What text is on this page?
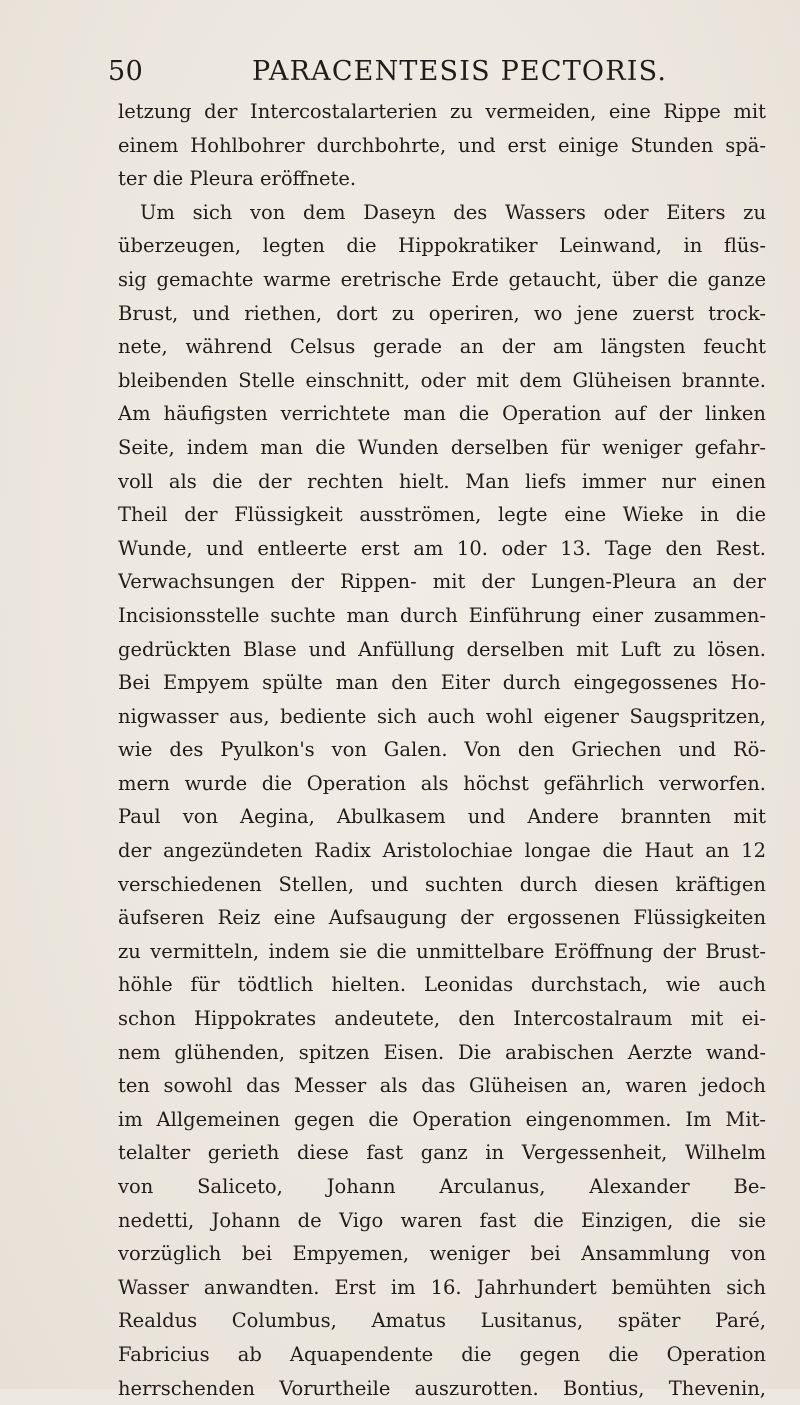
50	PARACENTESIS PECTORIS.
letzung der Intercostalarterien zu vermeiden, eine Rippe mit
einem Hohlbohrer durchbohrte, und erst einige Stunden spä-
ter die Pleura eröffnete.
Um sich von dem Daseyn des Wassers oder Eiters zu
überzeugen, legten die Hippokratiker Leinwand, in flüs-
sig gemachte warme eretrische Erde getaucht, über die ganze
Brust, und riethen, dort zu operiren, wo jene zuerst trock-
nete, während Celsus gerade an der am längsten feucht
bleibenden Stelle einschnitt, oder mit dem Glüheisen brannte.
Am häufigsten verrichtete man die Operation auf der linken
Seite, indem man die Wunden derselben für weniger gefahr-
voll als die der rechten hielt. Man liefs immer nur einen
Theil der Flüssigkeit ausströmen, legte eine Wieke in die
Wunde, und entleerte erst am 10. oder 13. Tage den Rest.
Verwachsungen der Rippen- mit der Lungen-Pleura an der
Incisionsstelle suchte man durch Einführung einer zusammen-
gedrückten Blase und Anfüllung derselben mit Luft zu lösen.
Bei Empyem spülte man den Eiter durch eingegossenes Ho-
nigwasser aus, bediente sich auch wohl eigener Saugspritzen,
wie des Pyulkon's von Galen. Von den Griechen und Rö-
mern wurde die Operation als höchst gefährlich verworfen.
Paul von Aegina, Abulkasem und Andere brannten mit
der angezündeten Radix Aristolochiae longae die Haut an 12
verschiedenen Stellen, und suchten durch diesen kräftigen
äufseren Reiz eine Aufsaugung der ergossenen Flüssigkeiten
zu vermitteln, indem sie die unmittelbare Eröffnung der Brust-
höhle für tödtlich hielten. Leonidas durchstach, wie auch
schon Hippokrates andeutete, den Intercostalraum mit ei-
nem glühenden, spitzen Eisen. Die arabischen Aerzte wand-
ten sowohl das Messer als das Glüheisen an, waren jedoch
im Allgemeinen gegen die Operation eingenommen. Im Mit-
telalter gerieth diese fast ganz in Vergessenheit, Wilhelm
von Saliceto, Johann Arculanus, Alexander Be-
nedetti, Johann de Vigo waren fast die Einzigen, die sie
vorzüglich bei Empyemen, weniger bei Ansammlung von
Wasser anwandten. Erst im 16. Jahrhundert bemühten sich
Realdus Columbus, Amatus Lusitanus, später Paré,
Fabricius ab Aquapendente die gegen die Operation
herrschenden Vorurtheile auszurotten. Bontius, Thevenin,
